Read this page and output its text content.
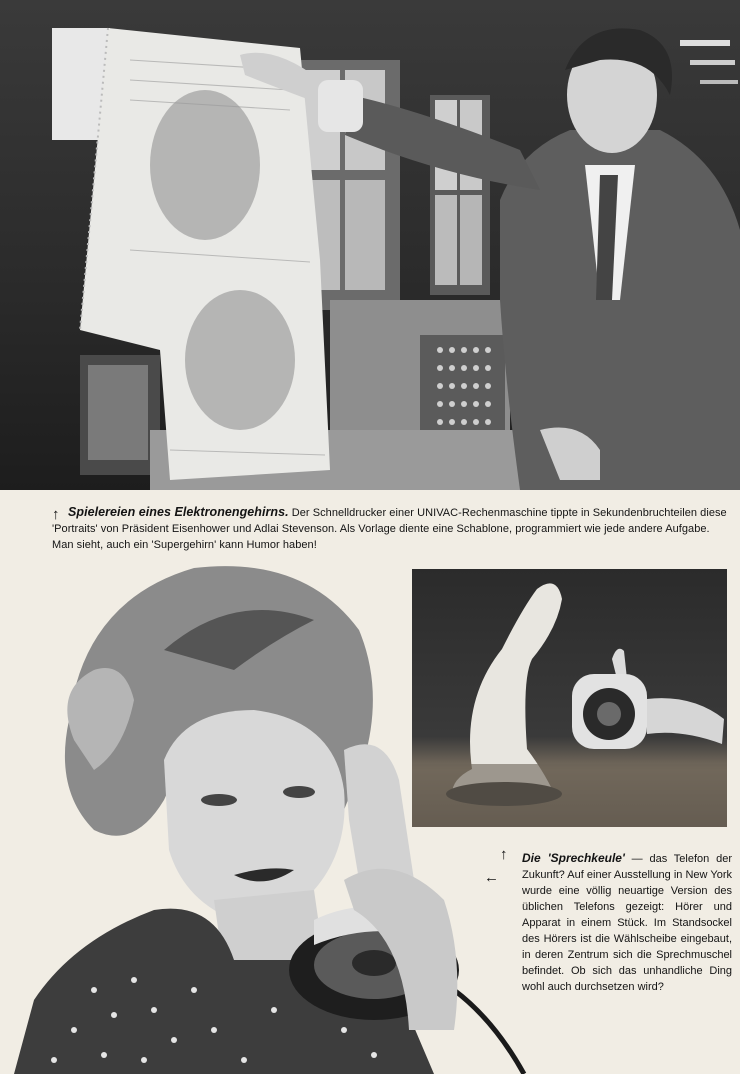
↑ Spielereien eines Elektronengehirns. Der Schnelldrucker einer UNIVAC-Rechenmaschine tippte in Sekundenbruchteilen diese 'Portraits' von Präsident Eisenhower und Adlai Stevenson. Als Vorlage diente eine Schablone, programmiert wie jede andere Aufgabe. Man sieht, auch ein 'Supergehirn' kann Humor haben!
↑
←
Die 'Sprechkeule' — das Telefon der Zukunft? Auf einer Ausstellung in New York wurde eine völlig neuartige Version des üblichen Telefons gezeigt: Hörer und Apparat in einem Stück. Im Standsockel des Hörers ist die Wählscheibe eingebaut, in deren Zentrum sich die Sprechmuschel befindet. Ob sich das unhandliche Ding wohl auch durchsetzen wird?
